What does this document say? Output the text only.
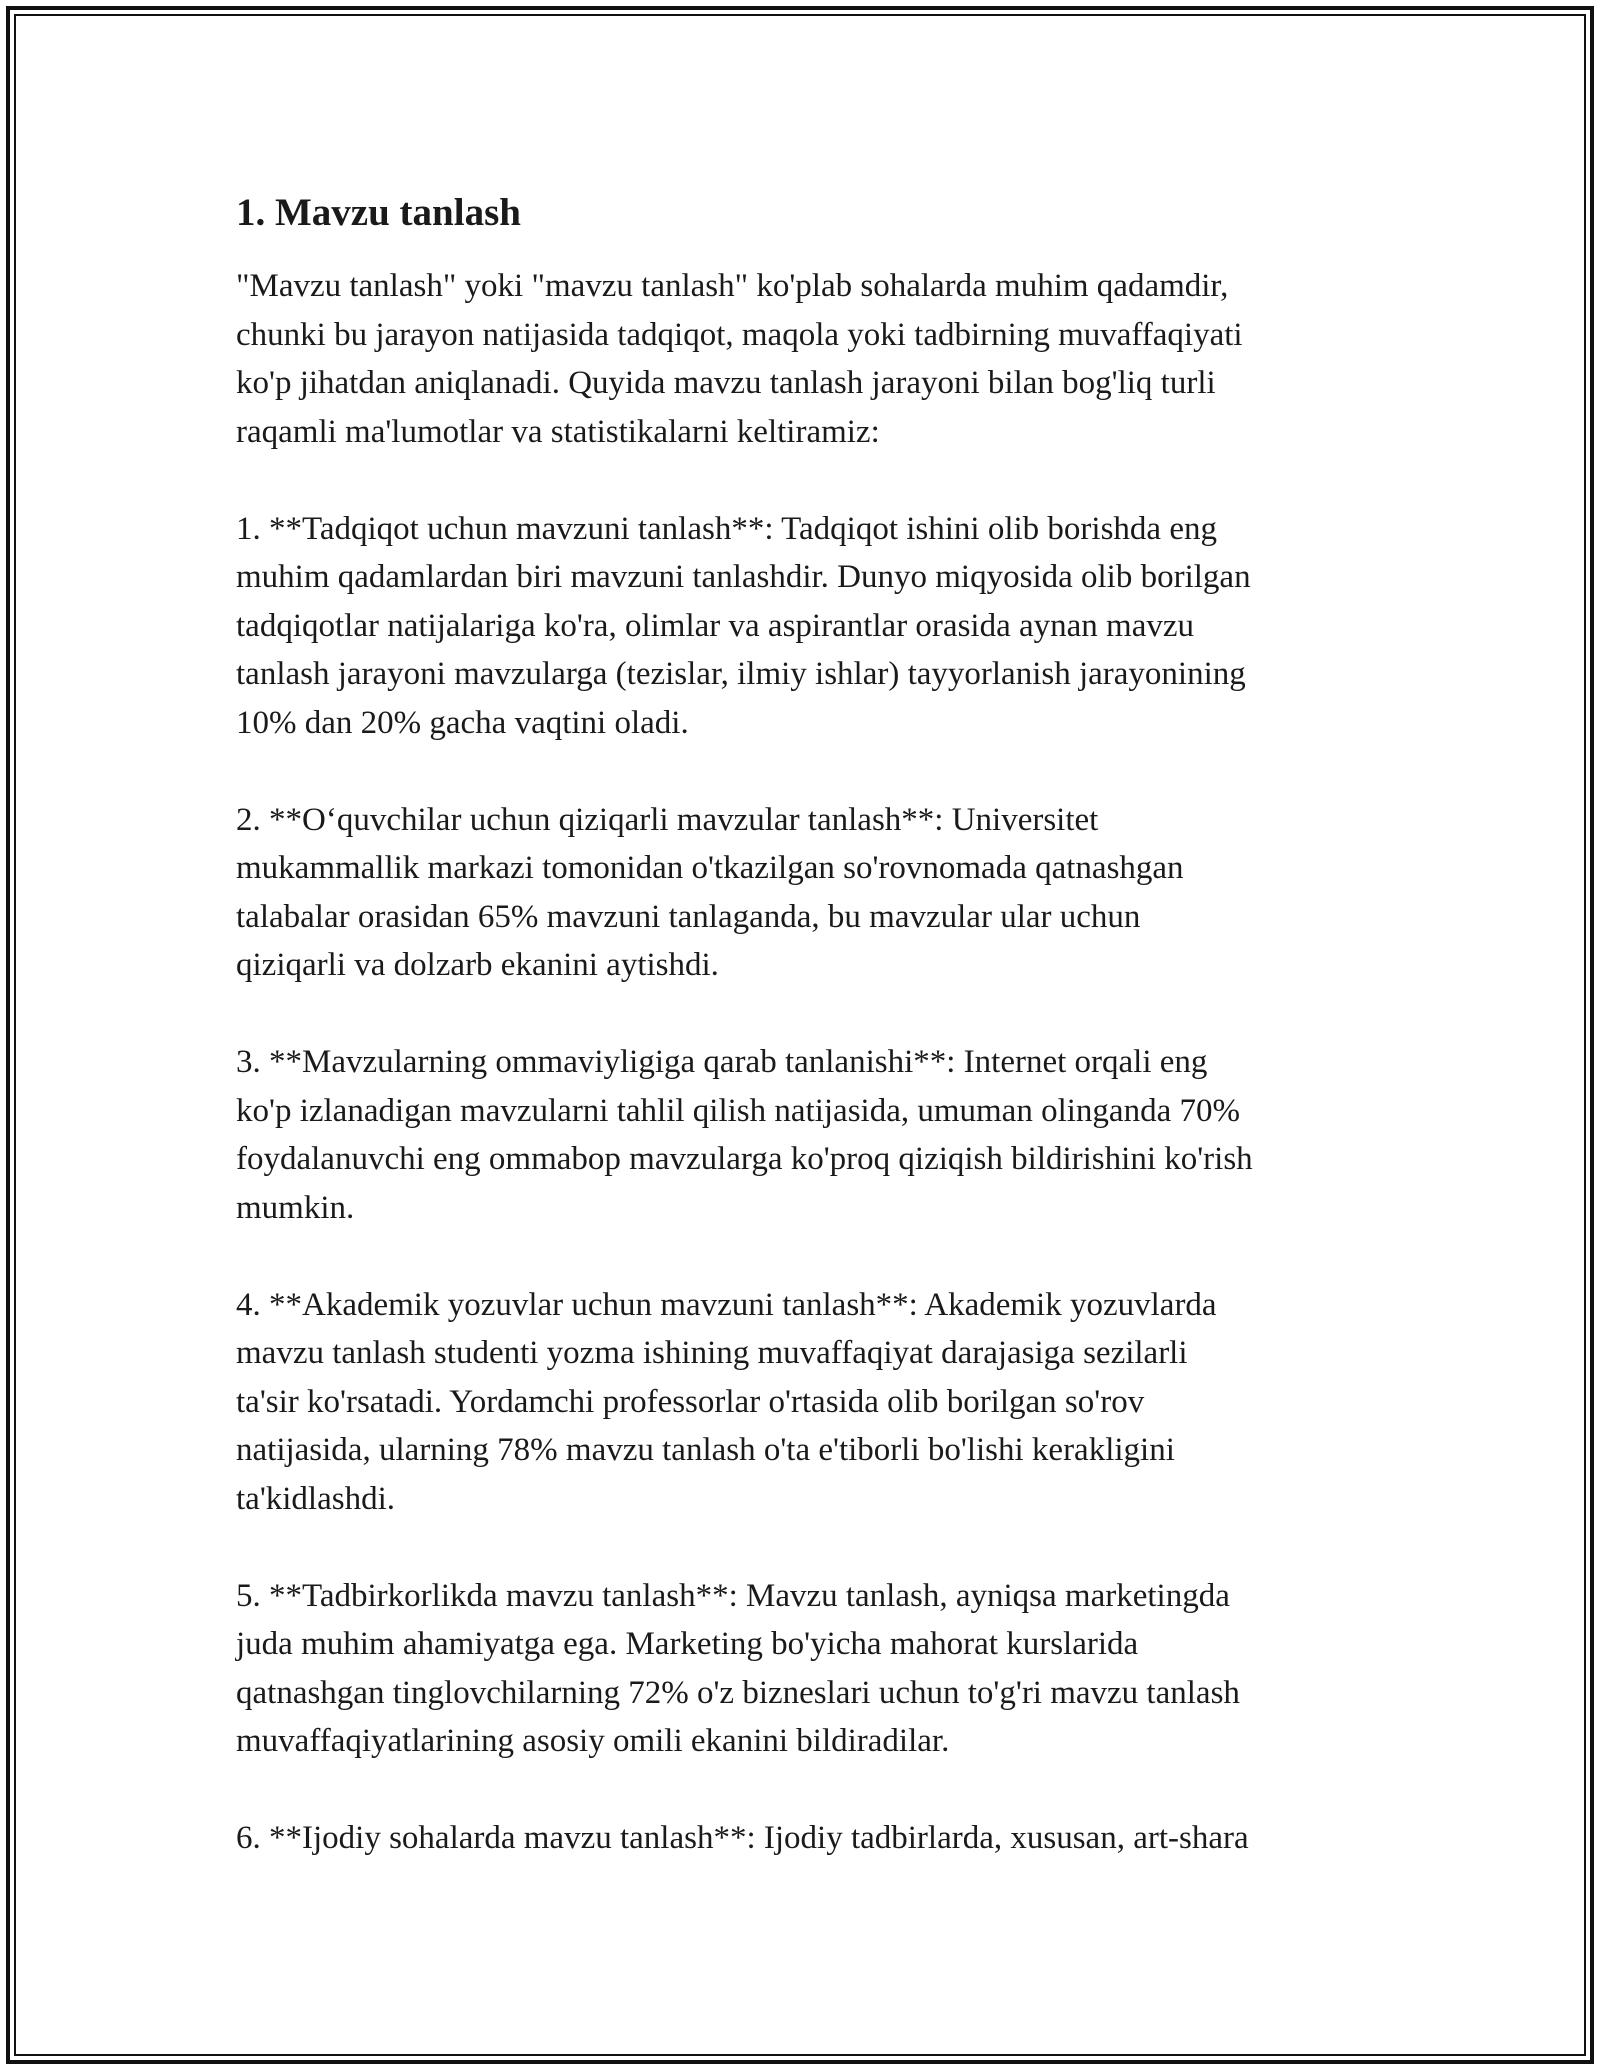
1. Mavzu tanlash

"Mavzu tanlash" yoki "mavzu tanlash" ko'plab sohalarda muhim qadamdir,
chunki bu jarayon natijasida tadqiqot, maqola yoki tadbirning muvaffaqiyati
ko'p jihatdan aniqlanadi. Quyida mavzu tanlash jarayoni bilan bog'liq turli
raqamli ma'lumotlar va statistikalarni keltiramiz:

1. **Tadqiqot uchun mavzuni tanlash**: Tadqiqot ishini olib borishda eng
muhim qadamlardan biri mavzuni tanlashdir. Dunyo miqyosida olib borilgan
tadqiqotlar natijalariga ko'ra, olimlar va aspirantlar orasida aynan mavzu
tanlash jarayoni mavzularga (tezislar, ilmiy ishlar) tayyorlanish jarayonining
10% dan 20% gacha vaqtini oladi.

2. **O‘quvchilar uchun qiziqarli mavzular tanlash**: Universitet
mukammallik markazi tomonidan o'tkazilgan so'rovnomada qatnashgan
talabalar orasidan 65% mavzuni tanlaganda, bu mavzular ular uchun
qiziqarli va dolzarb ekanini aytishdi.

3. **Mavzularning ommaviyligiga qarab tanlanishi**: Internet orqali eng
ko'p izlanadigan mavzularni tahlil qilish natijasida, umuman olinganda 70%
foydalanuvchi eng ommabop mavzularga ko'proq qiziqish bildirishini ko'rish
mumkin.

4. **Akademik yozuvlar uchun mavzuni tanlash**: Akademik yozuvlarda
mavzu tanlash studenti yozma ishining muvaffaqiyat darajasiga sezilarli
ta'sir ko'rsatadi. Yordamchi professorlar o'rtasida olib borilgan so'rov
natijasida, ularning 78% mavzu tanlash o'ta e'tiborli bo'lishi kerakligini
ta'kidlashdi.

5. **Tadbirkorlikda mavzu tanlash**: Mavzu tanlash, ayniqsa marketingda
juda muhim ahamiyatga ega. Marketing bo'yicha mahorat kurslarida
qatnashgan tinglovchilarning 72% o'z bizneslari uchun to'g'ri mavzu tanlash
muvaffaqiyatlarining asosiy omili ekanini bildiradilar.

6. **Ijodiy sohalarda mavzu tanlash**: Ijodiy tadbirlarda, xususan, art-shara
